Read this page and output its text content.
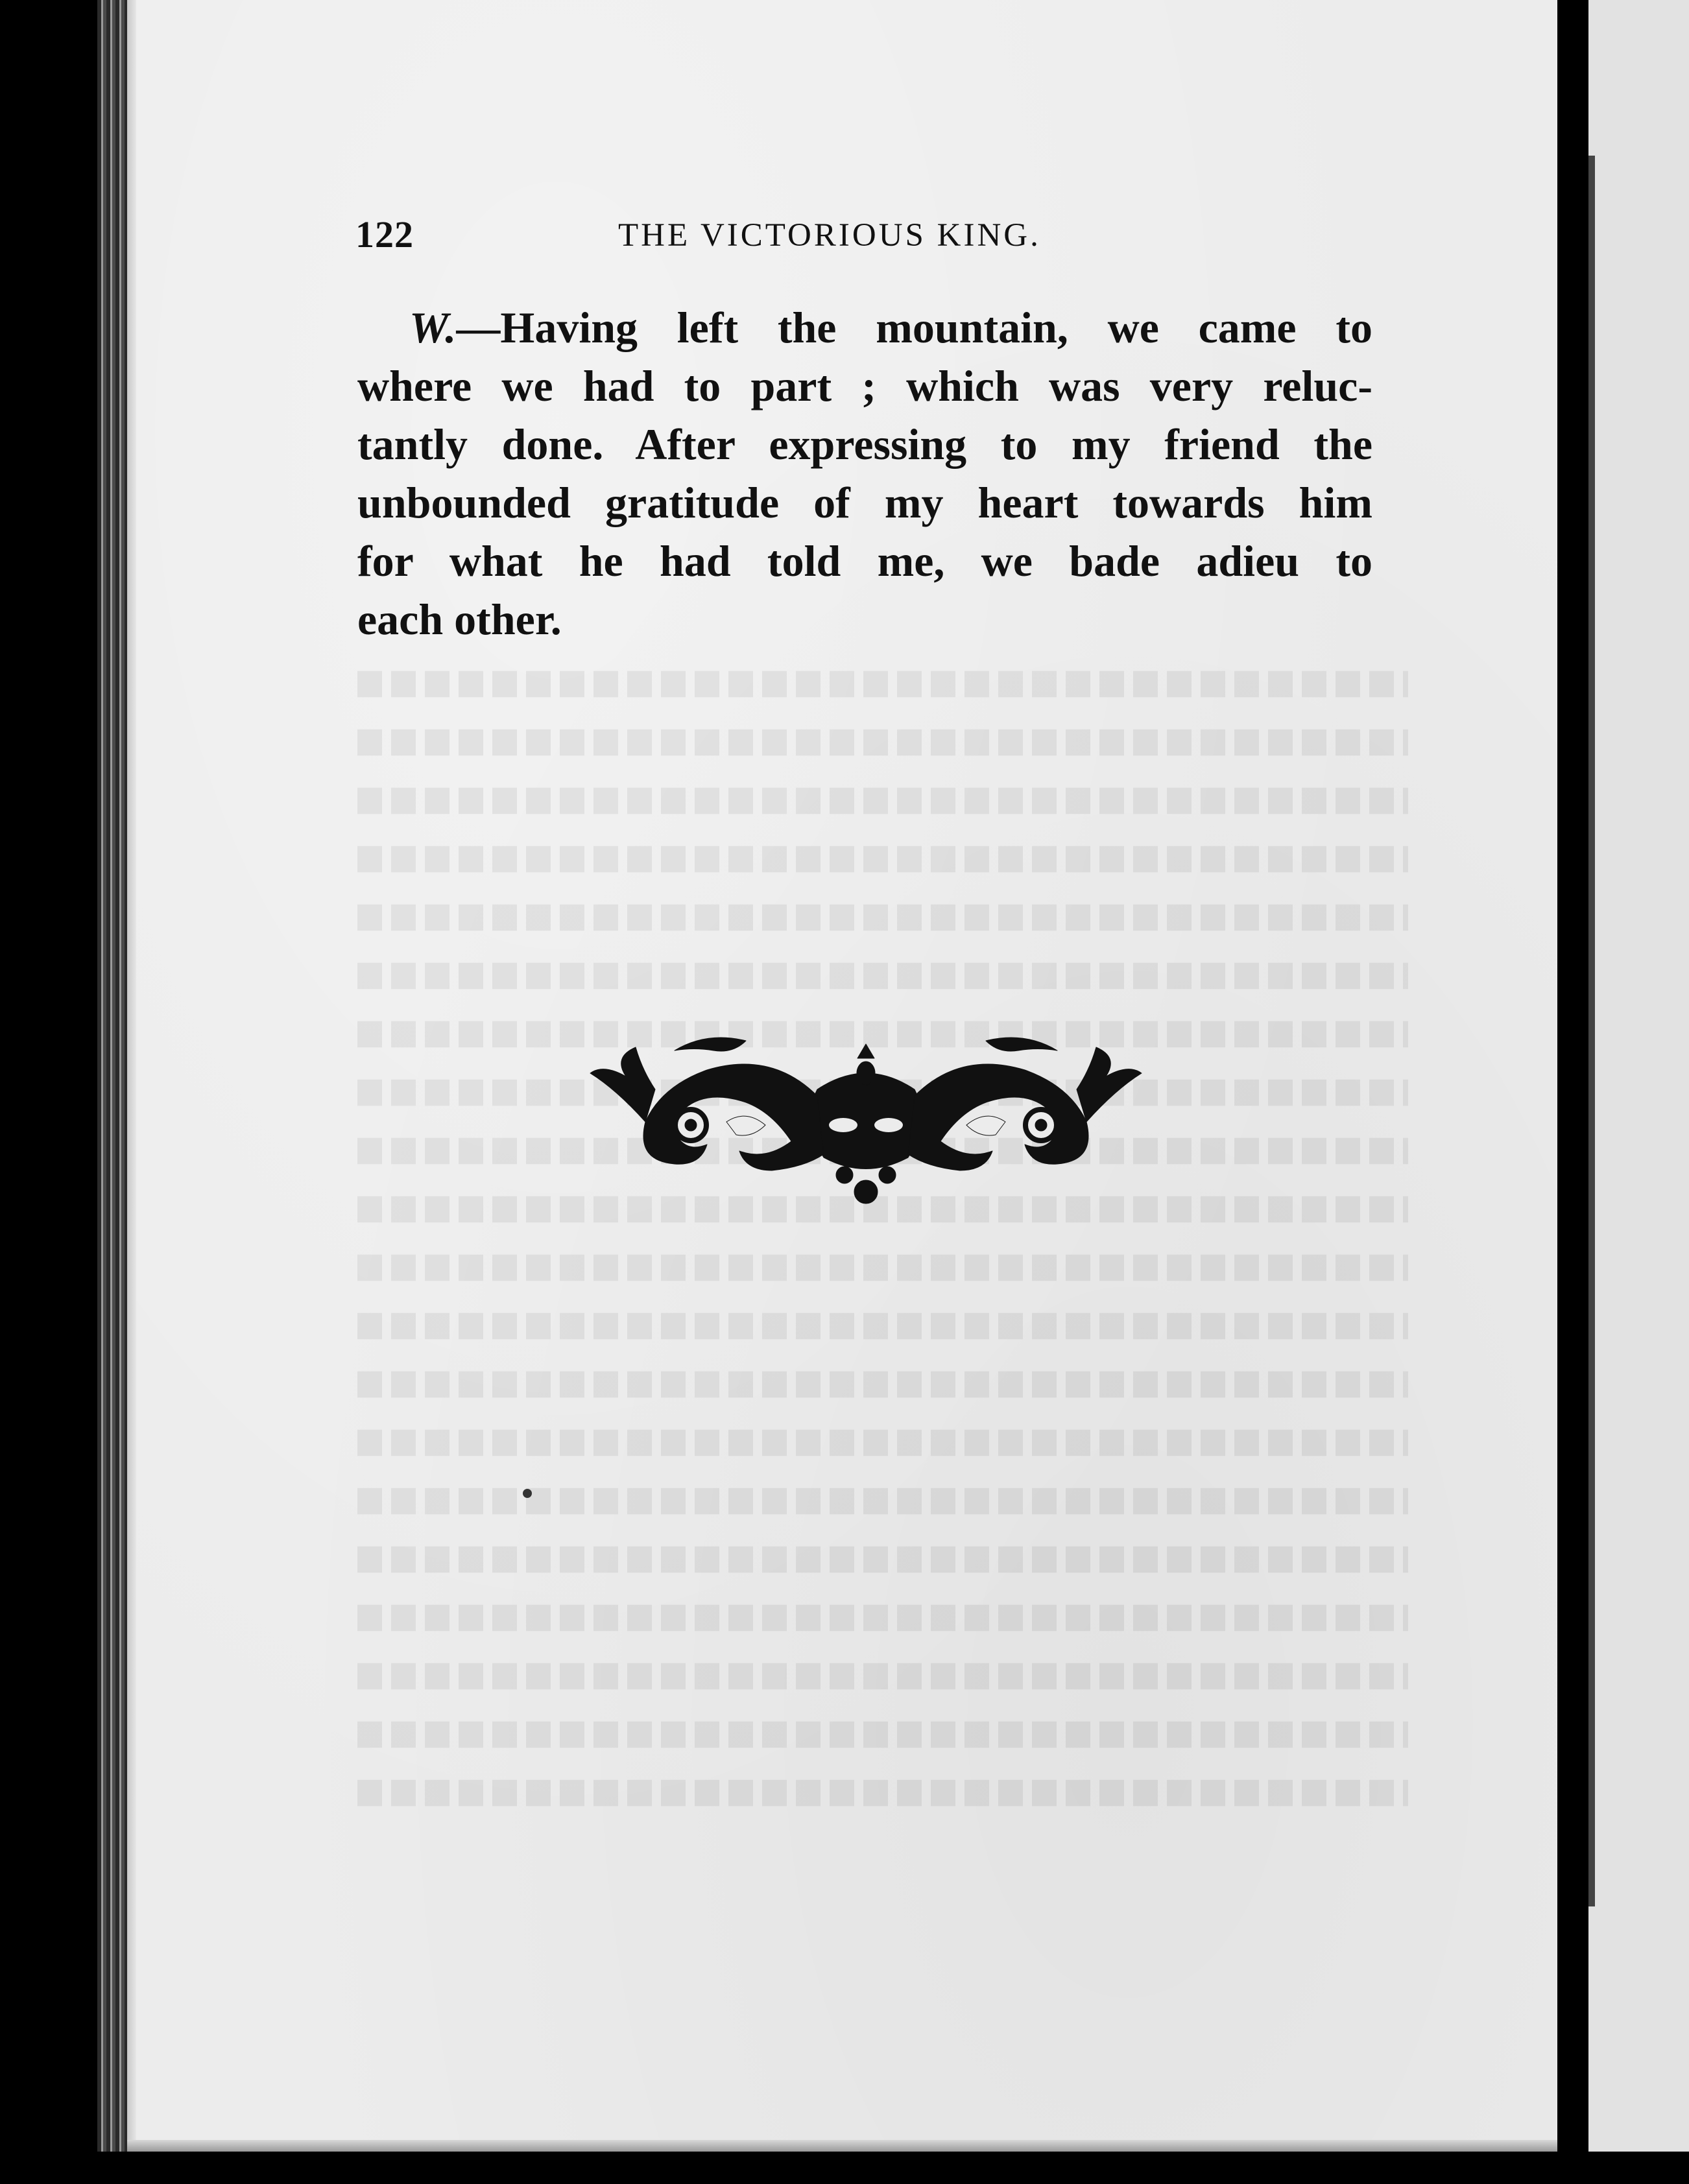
122	THE VICTORIOUS KING.
W.—Having left the mountain, we came to
where we had to part ; which was very reluc-
tantly done. After expressing to my friend the
unbounded gratitude of my heart towards him
for what he had told me, we bade adieu to
each other.
